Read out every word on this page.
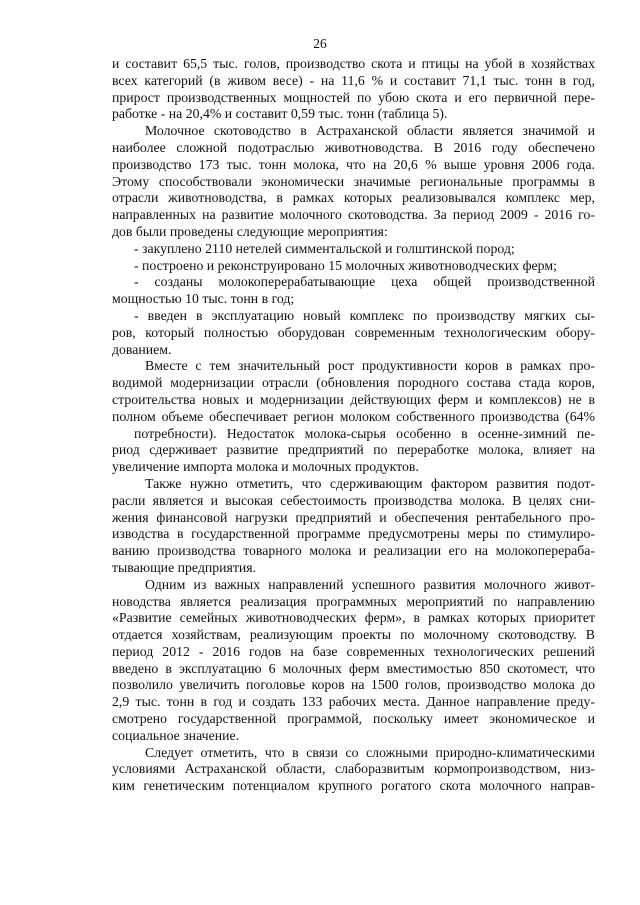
26

и составит 65,5 тыс. голов, производство скота и птицы на убой в хозяйствах
всех категорий (в живом весе) - на 11,6 % и составит 71,1 тыс. тонн в год,
прирост производственных мощностей по убою скота и его первичной пере-
работке - на 20,4% и составит 0,59 тыс. тонн (таблица 5).

Молочное скотоводство в Астраханской области является значимой и
наиболее сложной подотраслью животноводства. В 2016 году обеспечено
производство 173 тыс. тонн молока, что на 20,6 % выше уровня 2006 года.
Этому способствовали экономически значимые региональные программы в
отрасли животноводства, в рамках которых реализовывался комплекс мер,
направленных на развитие молочного скотоводства. За период 2009 - 2016 го-
дов были проведены следующие мероприятия:

- закуплено 2110 нетелей симментальской и голштинской пород;

- построено и реконструировано 15 молочных животноводческих ферм;

- созданы молокоперерабатывающие цеха общей производственной
мощностью 10 тыс. тонн в год;

- введен в эксплуатацию новый комплекс по производству мягких сы-
ров, который полностью оборудован современным технологическим обору-
дованием.

Вместе с тем значительный рост продуктивности коров в рамках про-
водимой модернизации отрасли (обновления породного состава стада коров,
строительства новых и модернизации действующих ферм и комплексов) не в
полном объеме обеспечивает регион молоком собственного производства (64%
потребности). Недостаток молока-сырья особенно в осенне-зимний пе-
риод сдерживает развитие предприятий по переработке молока, влияет на
увеличение импорта молока и молочных продуктов.

Также нужно отметить, что сдерживающим фактором развития подот-
расли является и высокая себестоимость производства молока. В целях сни-
жения финансовой нагрузки предприятий и обеспечения рентабельного про-
изводства в государственной программе предусмотрены меры по стимулиро-
ванию производства товарного молока и реализации его на молокоперераба-
тывающие предприятия.

Одним из важных направлений успешного развития молочного живот-
новодства является реализация программных мероприятий по направлению
«Развитие семейных животноводческих ферм», в рамках которых приоритет
отдается хозяйствам, реализующим проекты по молочному скотоводству. В
период 2012 - 2016 годов на базе современных технологических решений
введено в эксплуатацию 6 молочных ферм вместимостью 850 скотомест, что
позволило увеличить поголовье коров на 1500 голов, производство молока до
2,9 тыс. тонн в год и создать 133 рабочих места. Данное направление преду-
смотрено государственной программой, поскольку имеет экономическое и
социальное значение.

Следует отметить, что в связи со сложными природно-климатическими
условиями Астраханской области, слаборазвитым кормопроизводством, низ-
ким генетическим потенциалом крупного рогатого скота молочного направ-
